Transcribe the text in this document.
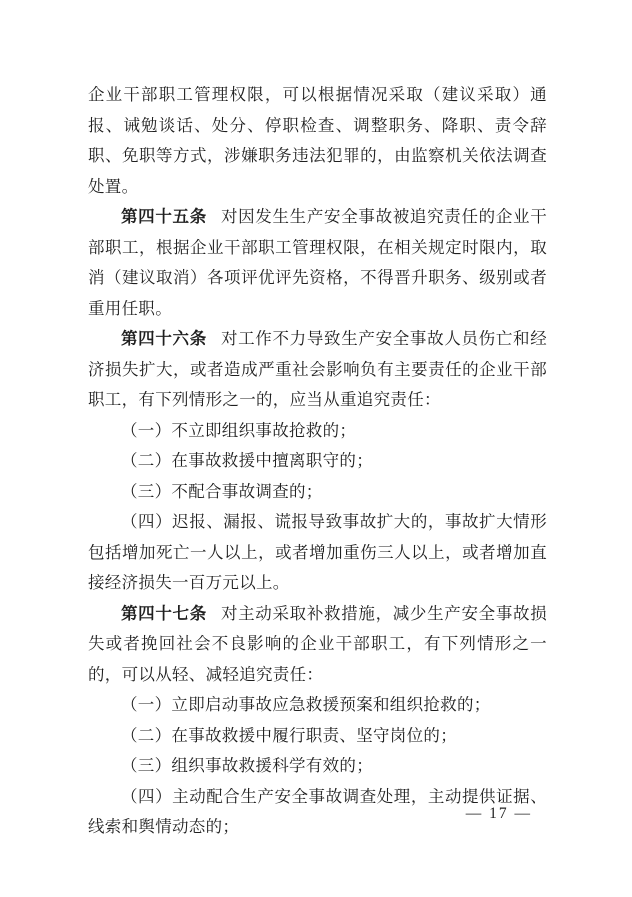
企业干部职工管理权限，可以根据情况采取（建议采取）通报、诫勉谈话、处分、停职检查、调整职务、降职、责令辞职、免职等方式，涉嫌职务违法犯罪的，由监察机关依法调查处置。

第四十五条 对因发生生产安全事故被追究责任的企业干部职工，根据企业干部职工管理权限，在相关规定时限内，取消（建议取消）各项评优评先资格，不得晋升职务、级别或者重用任职。

第四十六条 对工作不力导致生产安全事故人员伤亡和经济损失扩大，或者造成严重社会影响负有主要责任的企业干部职工，有下列情形之一的，应当从重追究责任：

（一）不立即组织事故抢救的；

（二）在事故救援中擅离职守的；

（三）不配合事故调查的；

（四）迟报、漏报、谎报导致事故扩大的，事故扩大情形包括增加死亡一人以上，或者增加重伤三人以上，或者增加直接经济损失一百万元以上。

第四十七条 对主动采取补救措施，减少生产安全事故损失或者挽回社会不良影响的企业干部职工，有下列情形之一的，可以从轻、减轻追究责任：

（一）立即启动事故应急救援预案和组织抢救的；

（二）在事故救援中履行职责、坚守岗位的；

（三）组织事故救援科学有效的；

（四）主动配合生产安全事故调查处理，主动提供证据、线索和舆情动态的；

— 17 —
